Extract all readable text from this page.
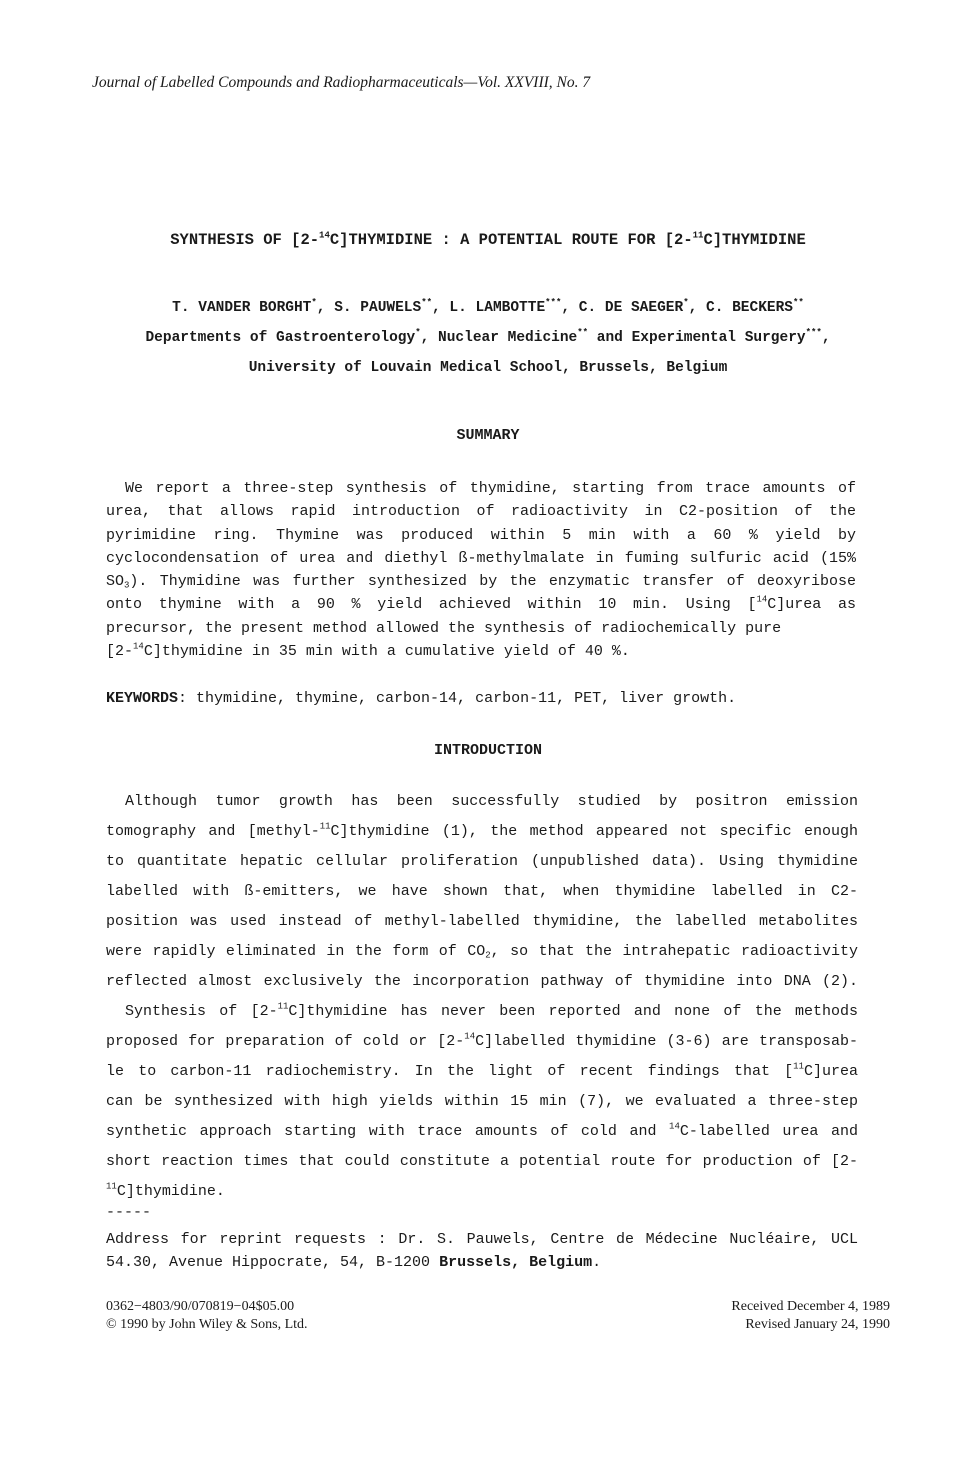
Journal of Labelled Compounds and Radiopharmaceuticals—Vol. XXVIII, No. 7
SYNTHESIS OF [2-$^{14}$C]THYMIDINE : A POTENTIAL ROUTE FOR [2-$^{11}$C]THYMIDINE
T. VANDER BORGHT*, S. PAUWELS**, L. LAMBOTTE***, C. DE SAEGER*, C. BECKERS**
Departments of Gastroenterology*, Nuclear Medicine** and Experimental Surgery***,
University of Louvain Medical School, Brussels, Belgium
SUMMARY
We report a three-step synthesis of thymidine, starting from trace amounts of
urea, that allows rapid introduction of radioactivity in C2-position of the
pyrimidine ring. Thymine was produced within 5 min with a 60 % yield by
cyclocondensation of urea and diethyl ß-methylmalate in fuming sulfuric acid (15%
$SO_3$). Thymidine was further synthesized by the enzymatic transfer of deoxyribose
onto thymine with a 90 % yield achieved within 10 min. Using [$^{14}$C]urea as
precursor, the present method allowed the synthesis of radiochemically pure
[2-$^{14}$C]thymidine in 35 min with a cumulative yield of 40 %.
KEYWORDS: thymidine, thymine, carbon-14, carbon-11, PET, liver growth.
INTRODUCTION
Although tumor growth has been successfully studied by positron emission
tomography and [methyl-$^{11}$C]thymidine (1), the method appeared not specific enough
to quantitate hepatic cellular proliferation (unpublished data). Using thymidine
labelled with ß-emitters, we have shown that, when thymidine labelled in C2-
position was used instead of methyl-labelled thymidine, the labelled metabolites
were rapidly eliminated in the form of $CO_2$, so that the intrahepatic radioactivity
reflected almost exclusively the incorporation pathway of thymidine into DNA (2).
Synthesis of [2-$^{11}$C]thymidine has never been reported and none of the methods
proposed for preparation of cold or [2-$^{14}$C]labelled thymidine (3-6) are transposab-
le to carbon-11 radiochemistry. In the light of recent findings that [$^{11}$C]urea
can be synthesized with high yields within 15 min (7), we evaluated a three-step
synthetic approach starting with trace amounts of cold and $^{14}$C-labelled urea and
short reaction times that could constitute a potential route for production of [2-
$^{11}$C]thymidine.
-----
Address for reprint requests : Dr. S. Pauwels, Centre de Médecine Nucléaire, UCL
54.30, Avenue Hippocrate, 54, B-1200 Brussels, Belgium.
0362−4803/90/070819−04$05.00
© 1990 by John Wiley & Sons, Ltd.
Received December 4, 1989
Revised January 24, 1990
